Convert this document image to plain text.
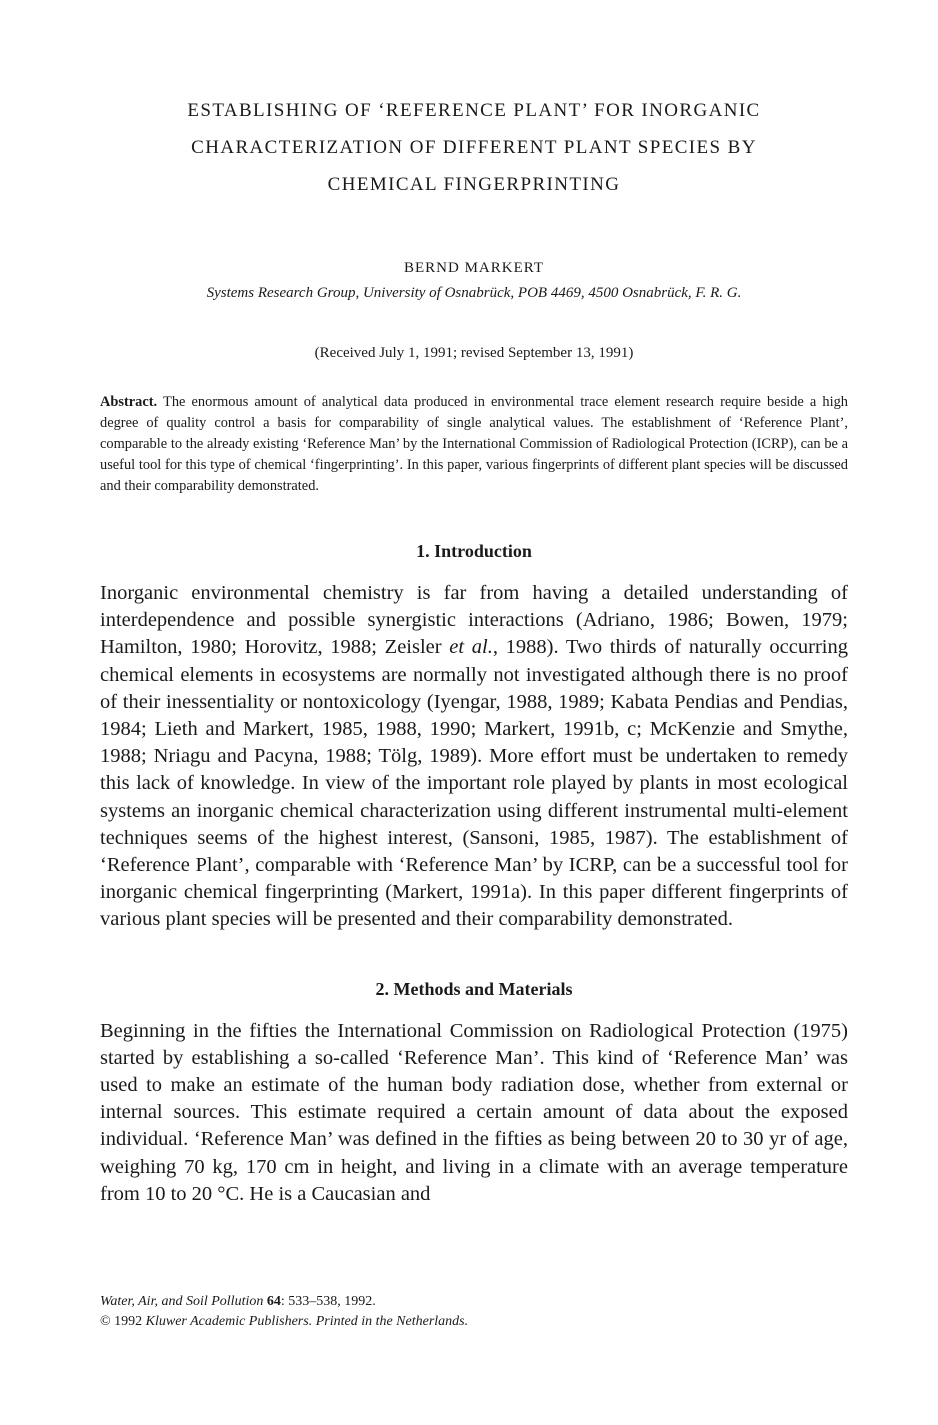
ESTABLISHING OF ‘REFERENCE PLANT’ FOR INORGANIC
CHARACTERIZATION OF DIFFERENT PLANT SPECIES BY
CHEMICAL FINGERPRINTING
BERND MARKERT
Systems Research Group, University of Osnabrück, POB 4469, 4500 Osnabrück, F. R. G.
(Received July 1, 1991; revised September 13, 1991)
Abstract. The enormous amount of analytical data produced in environmental trace element research require beside a high degree of quality control a basis for comparability of single analytical values. The establishment of ‘Reference Plant’, comparable to the already existing ‘Reference Man’ by the International Commission of Radiological Protection (ICRP), can be a useful tool for this type of chemical ‘fingerprinting’. In this paper, various fingerprints of different plant species will be discussed and their comparability demonstrated.
1. Introduction

Inorganic environmental chemistry is far from having a detailed understanding of interdependence and possible synergistic interactions (Adriano, 1986; Bowen, 1979; Hamilton, 1980; Horovitz, 1988; Zeisler et al., 1988). Two thirds of naturally occurring chemical elements in ecosystems are normally not investigated although there is no proof of their inessentiality or nontoxicology (Iyengar, 1988, 1989; Kabata Pendias and Pendias, 1984; Lieth and Markert, 1985, 1988, 1990; Markert, 1991b, c; McKenzie and Smythe, 1988; Nriagu and Pacyna, 1988; Tölg, 1989). More effort must be undertaken to remedy this lack of knowledge. In view of the important role played by plants in most ecological systems an inorganic chemical characterization using different instrumental multi-element techniques seems of the highest interest, (Sansoni, 1985, 1987). The establishment of ‘Reference Plant’, comparable with ‘Reference Man’ by ICRP, can be a successful tool for inorganic chemical fingerprinting (Markert, 1991a). In this paper different fingerprints of various plant species will be presented and their comparability demonstrated.

2. Methods and Materials

Beginning in the fifties the International Commission on Radiological Protection (1975) started by establishing a so-called ‘Reference Man’. This kind of ‘Reference Man’ was used to make an estimate of the human body radiation dose, whether from external or internal sources. This estimate required a certain amount of data about the exposed individual. ‘Reference Man’ was defined in the fifties as being between 20 to 30 yr of age, weighing 70 kg, 170 cm in height, and living in a climate with an average temperature from 10 to 20 °C. He is a Caucasian and

Water, Air, and Soil Pollution 64: 533–538, 1992.
© 1992 Kluwer Academic Publishers. Printed in the Netherlands.
